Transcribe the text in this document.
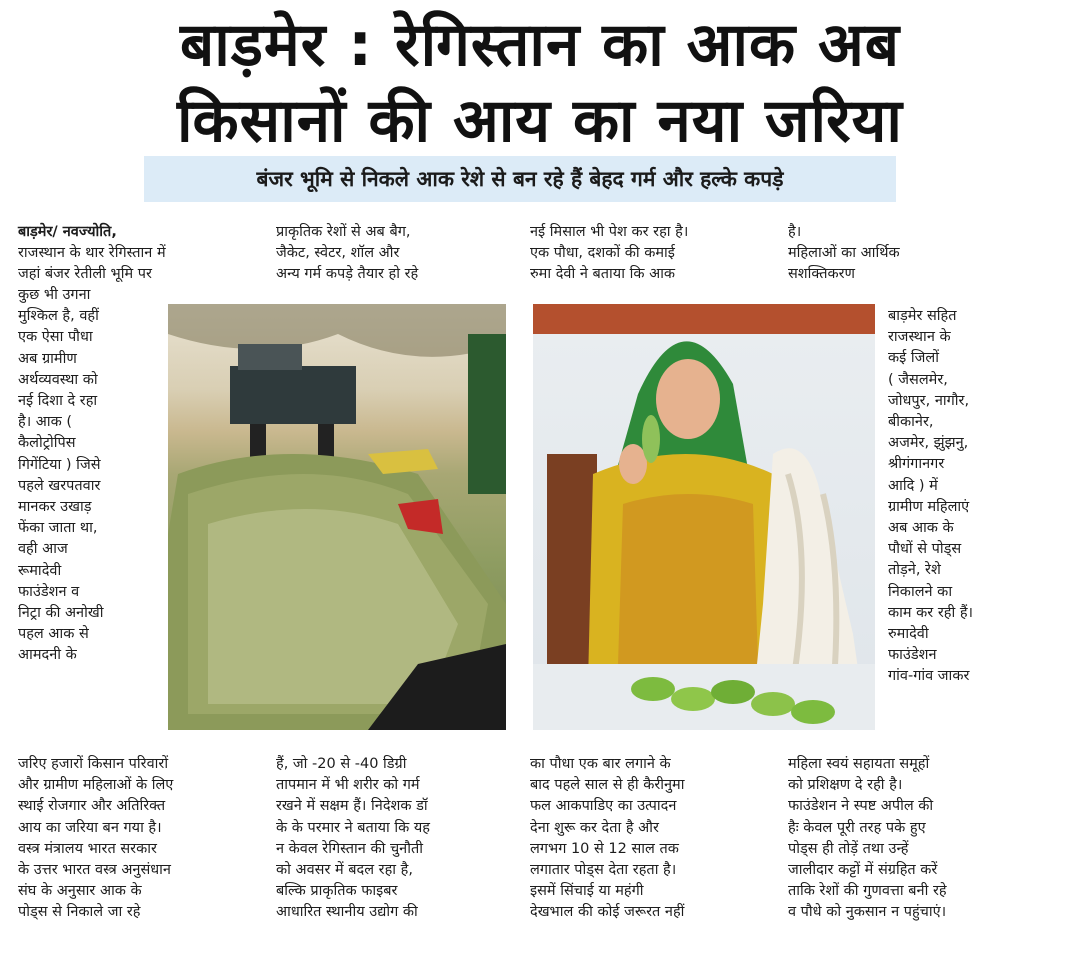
बाड़मेर : रेगिस्तान का आक अब
किसानों की आय का नया जरिया
बंजर भूमि से निकले आक रेशे से बन रहे हैं बेहद गर्म और हल्के कपड़े

बाड़मेर/ नवज्योति,

राजस्थान के थार रेगिस्तान में

जहां बंजर रेतीली भूमि पर

कुछ भी उगना

मुश्किल है, वहीं

एक ऐसा पौधा

अब ग्रामीण

अर्थव्यवस्था को

नई दिशा दे रहा

है। आक (

कैलोट्रोपिस

गिगेंटिया ) जिसे

पहले खरपतवार

मानकर उखाड़

फेंका जाता था,

वही आज

रूमादेवी

फाउंडेशन व

निट्रा की अनोखी

पहल आक से

आमदनी के

जरिए हजारों किसान परिवारों

और ग्रामीण महिलाओं के लिए

स्थाई रोजगार और अतिरिक्त

आय का जरिया बन गया है।

वस्त्र मंत्रालय भारत सरकार

के उत्तर भारत वस्त्र अनुसंधान

संघ के अनुसार आक के

पोड्स से निकाले जा रहे

प्राकृतिक रेशों से अब बैग,

जैकेट, स्वेटर, शॉल और

अन्य गर्म कपड़े तैयार हो रहे

हैं, जो -20 से -40 डिग्री

तापमान में भी शरीर को गर्म

रखने में सक्षम हैं। निदेशक डॉ

के के परमार ने बताया कि यह

न केवल रेगिस्तान की चुनौती

को अवसर में बदल रहा है,

बल्कि प्राकृतिक फाइबर

आधारित स्थानीय उद्योग की

नई मिसाल भी पेश कर रहा है।

एक पौधा, दशकों की कमाई

रुमा देवी ने बताया कि आक

का पौधा एक बार लगाने के

बाद पहले साल से ही कैरीनुमा

फल आकपाडिए का उत्पादन

देना शुरू कर देता है और

लगभग 10 से 12 साल तक

लगातार पोड्स देता रहता है।

इसमें सिंचाई या महंगी

देखभाल की कोई जरूरत नहीं

है।

महिलाओं का आर्थिक

सशक्तिकरण

बाड़मेर सहित

राजस्थान के

कई जिलों

( जैसलमेर,

जोधपुर, नागौर,

बीकानेर,

अजमेर, झुंझनु,

श्रीगंगानगर

आदि ) में

ग्रामीण महिलाएं

अब आक के

पौधों से पोड्स

तोड़ने, रेशे

निकालने का

काम कर रही हैं।

रुमादेवी

फाउंडेशन

गांव-गांव जाकर

महिला स्वयं सहायता समूहों

को प्रशिक्षण दे रही है।

फाउंडेशन ने स्पष्ट अपील की

हैः केवल पूरी तरह पके हुए

पोड्स ही तोड़ें तथा उन्हें

जालीदार कट्टों में संग्रहित करें

ताकि रेशों की गुणवत्ता बनी रहे

व पौधे को नुकसान न पहुंचाएं।
